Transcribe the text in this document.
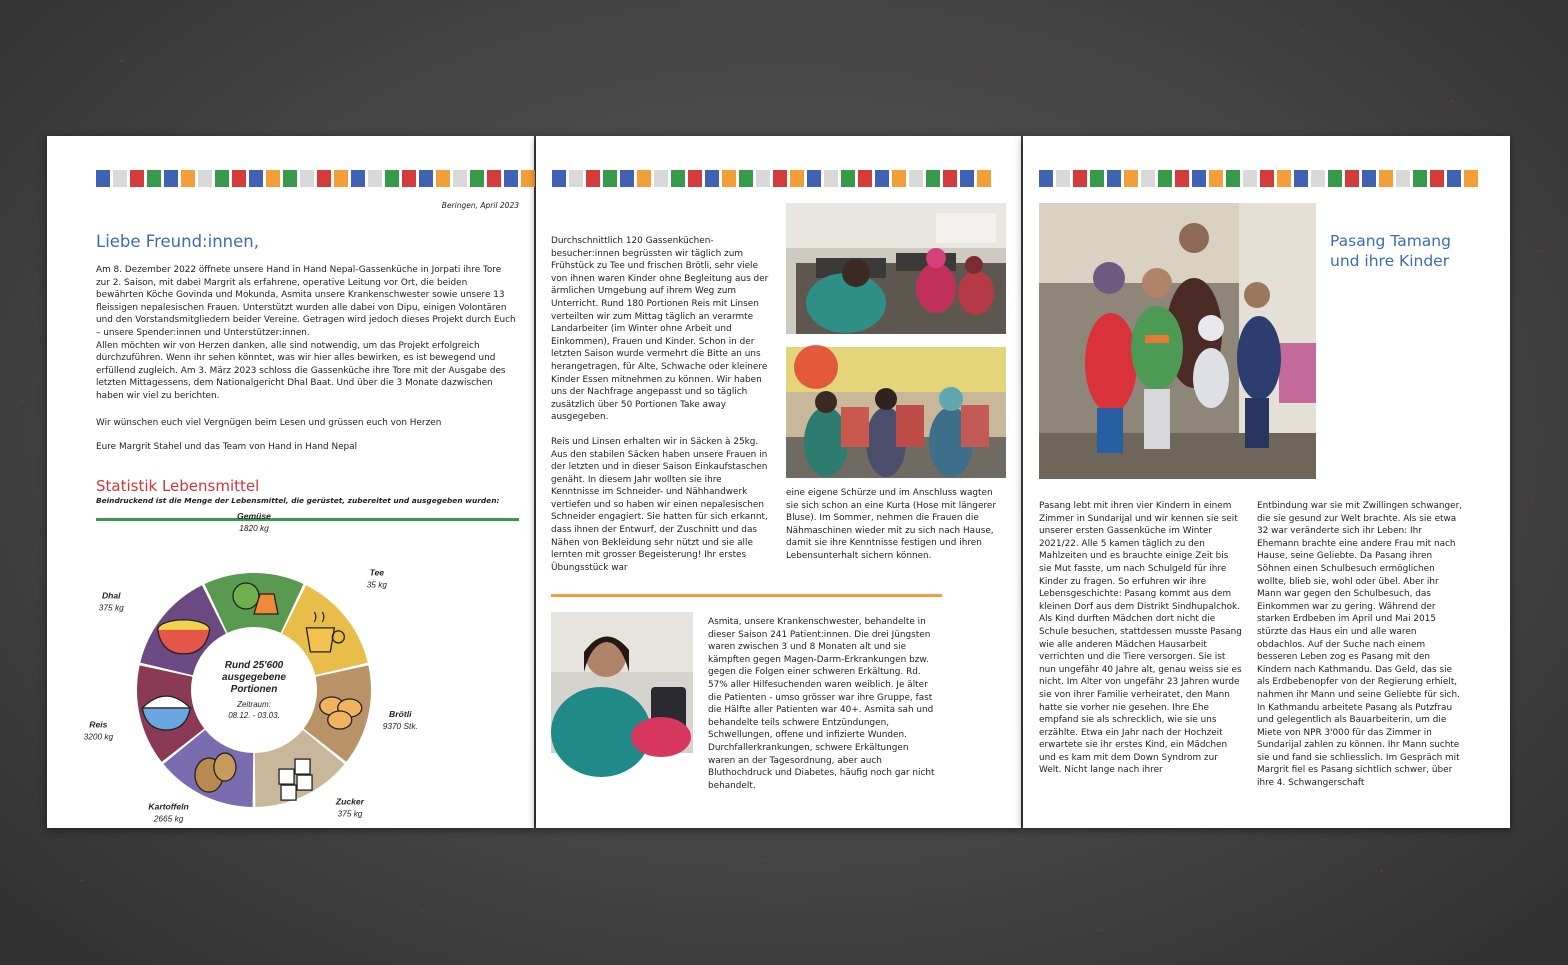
Beringen, April 2023
Liebe Freund:innen,

Am 8. Dezember 2022 öffnete unsere Hand in Hand Nepal-Gassenküche in Jorpati ihre Tore zur 2. Saison, mit dabei Margrit als erfahrene, operative Leitung vor Ort, die beiden bewährten Köche Govinda und Mokunda, Asmita unsere Krankenschwester sowie unsere 13 fleissigen nepalesischen Frauen. Unterstützt wurden alle dabei von Dipu, einigen Volontären und den Vorstandsmitgliedern beider Vereine. Getragen wird jedoch dieses Projekt durch Euch – unsere Spender:innen und Unterstützer:innen.

Allen möchten wir von Herzen danken, alle sind notwendig, um das Projekt erfolgreich durchzuführen. Wenn ihr sehen könntet, was wir hier alles bewirken, es ist bewegend und erfüllend zugleich. Am 3. März 2023 schloss die Gassenküche ihre Tore mit der Ausgabe des letzten Mittagessens, dem Nationalgericht Dhal Baat. Und über die 3 Monate dazwischen haben wir viel zu berichten.

Wir wünschen euch viel Vergnügen beim Lesen und grüssen euch von Herzen

Eure Margrit Stahel und das Team von Hand in Hand Nepal

Statistik Lebensmittel
Beindruckend ist die Menge der Lebensmittel, die gerüstet, zubereitet und ausgegeben wurden:
Gemüse
1820 kg
Tee
35 kg
Brötli
9370 Stk.
Zucker
375 kg
Kartoffeln
2665 kg
Reis
3200 kg
Dhal
375 kg
Rund 25'600
ausgegebene
Portionen
Zeitraum:
08.12. - 03.03.

Durchschnittlich 120 Gassenküchen-besucher:innen begrüssten wir täglich zum Frühstück zu Tee und frischen Brötli, sehr viele von ihnen waren Kinder ohne Begleitung aus der ärmlichen Umgebung auf ihrem Weg zum Unterricht. Rund 180 Portionen Reis mit Linsen verteilten wir zum Mittag täglich an verarmte Landarbeiter (im Winter ohne Arbeit und Einkommen), Frauen und Kinder. Schon in der letzten Saison wurde vermehrt die Bitte an uns herangetragen, für Alte, Schwache oder kleinere Kinder Essen mitnehmen zu können. Wir haben uns der Nachfrage angepasst und so täglich zusätzlich über 50 Portionen Take away ausgegeben.

Reis und Linsen erhalten wir in Säcken à 25kg. Aus den stabilen Säcken haben unsere Frauen in der letzten und in dieser Saison Einkaufstaschen genäht. In diesem Jahr wollten sie ihre Kenntnisse im Schneider- und Nähhandwerk vertiefen und so haben wir einen nepalesischen Schneider engagiert. Sie hatten für sich erkannt, dass ihnen der Entwurf, der Zuschnitt und das Nähen von Bekleidung sehr nützt und sie alle lernten mit grosser Begeisterung! Ihr erstes Übungsstück war

eine eigene Schürze und im Anschluss wagten sie sich schon an eine Kurta (Hose mit längerer Bluse). Im Sommer, nehmen die Frauen die Nähmaschinen wieder mit zu sich nach Hause, damit sie ihre Kenntnisse festigen und ihren Lebensunterhalt sichern können.
Asmita, unsere Krankenschwester, behandelte in dieser Saison 241 Patient:innen. Die drei Jüngsten waren zwischen 3 und 8 Monaten alt und sie kämpften gegen Magen-Darm-Erkrankungen bzw. gegen die Folgen einer schweren Erkältung. Rd. 57% aller Hilfesuchenden waren weiblich. Je älter die Patienten - umso grösser war ihre Gruppe, fast die Hälfte aller Patienten war 40+. Asmita sah und behandelte teils schwere Entzündungen, Schwellungen, offene und infizierte Wunden. Durchfallerkrankungen, schwere Erkältungen waren an der Tagesordnung, aber auch Bluthochdruck und Diabetes, häufig noch gar nicht behandelt.
Pasang Tamang
und ihre Kinder
Pasang lebt mit ihren vier Kindern in einem Zimmer in Sundarijal und wir kennen sie seit unserer ersten Gassenküche im Winter 2021/22. Alle 5 kamen täglich zu den Mahlzeiten und es brauchte einige Zeit bis sie Mut fasste, um nach Schulgeld für ihre Kinder zu fragen. So erfuhren wir ihre Lebensgeschichte: Pasang kommt aus dem kleinen Dorf aus dem Distrikt Sindhupalchok. Als Kind durften Mädchen dort nicht die Schule besuchen, stattdessen musste Pasang wie alle anderen Mädchen Hausarbeit verrichten und die Tiere versorgen. Sie ist nun ungefähr 40 Jahre alt, genau weiss sie es nicht. Im Alter von ungefähr 23 Jahren wurde sie von ihrer Familie verheiratet, den Mann hatte sie vorher nie gesehen. Ihre Ehe empfand sie als schrecklich, wie sie uns erzählte. Etwa ein Jahr nach der Hochzeit erwartete sie ihr erstes Kind, ein Mädchen und es kam mit dem Down Syndrom zur Welt. Nicht lange nach ihrer
Entbindung war sie mit Zwillingen schwanger, die sie gesund zur Welt brachte. Als sie etwa 32 war veränderte sich ihr Leben: Ihr Ehemann brachte eine andere Frau mit nach Hause, seine Geliebte. Da Pasang ihren Söhnen einen Schulbesuch ermöglichen wollte, blieb sie, wohl oder übel. Aber ihr Mann war gegen den Schulbesuch, das Einkommen war zu gering. Während der starken Erdbeben im April und Mai 2015 stürzte das Haus ein und alle waren obdachlos. Auf der Suche nach einem besseren Leben zog es Pasang mit den Kindern nach Kathmandu. Das Geld, das sie als Erdbebenopfer von der Regierung erhielt, nahmen ihr Mann und seine Geliebte für sich. In Kathmandu arbeitete Pasang als Putzfrau und gelegentlich als Bauarbeiterin, um die Miete von NPR 3'000 für das Zimmer in Sundarijal zahlen zu können. Ihr Mann suchte sie und fand sie schliesslich. Im Gespräch mit Margrit fiel es Pasang sichtlich schwer, über ihre 4. Schwangerschaft
